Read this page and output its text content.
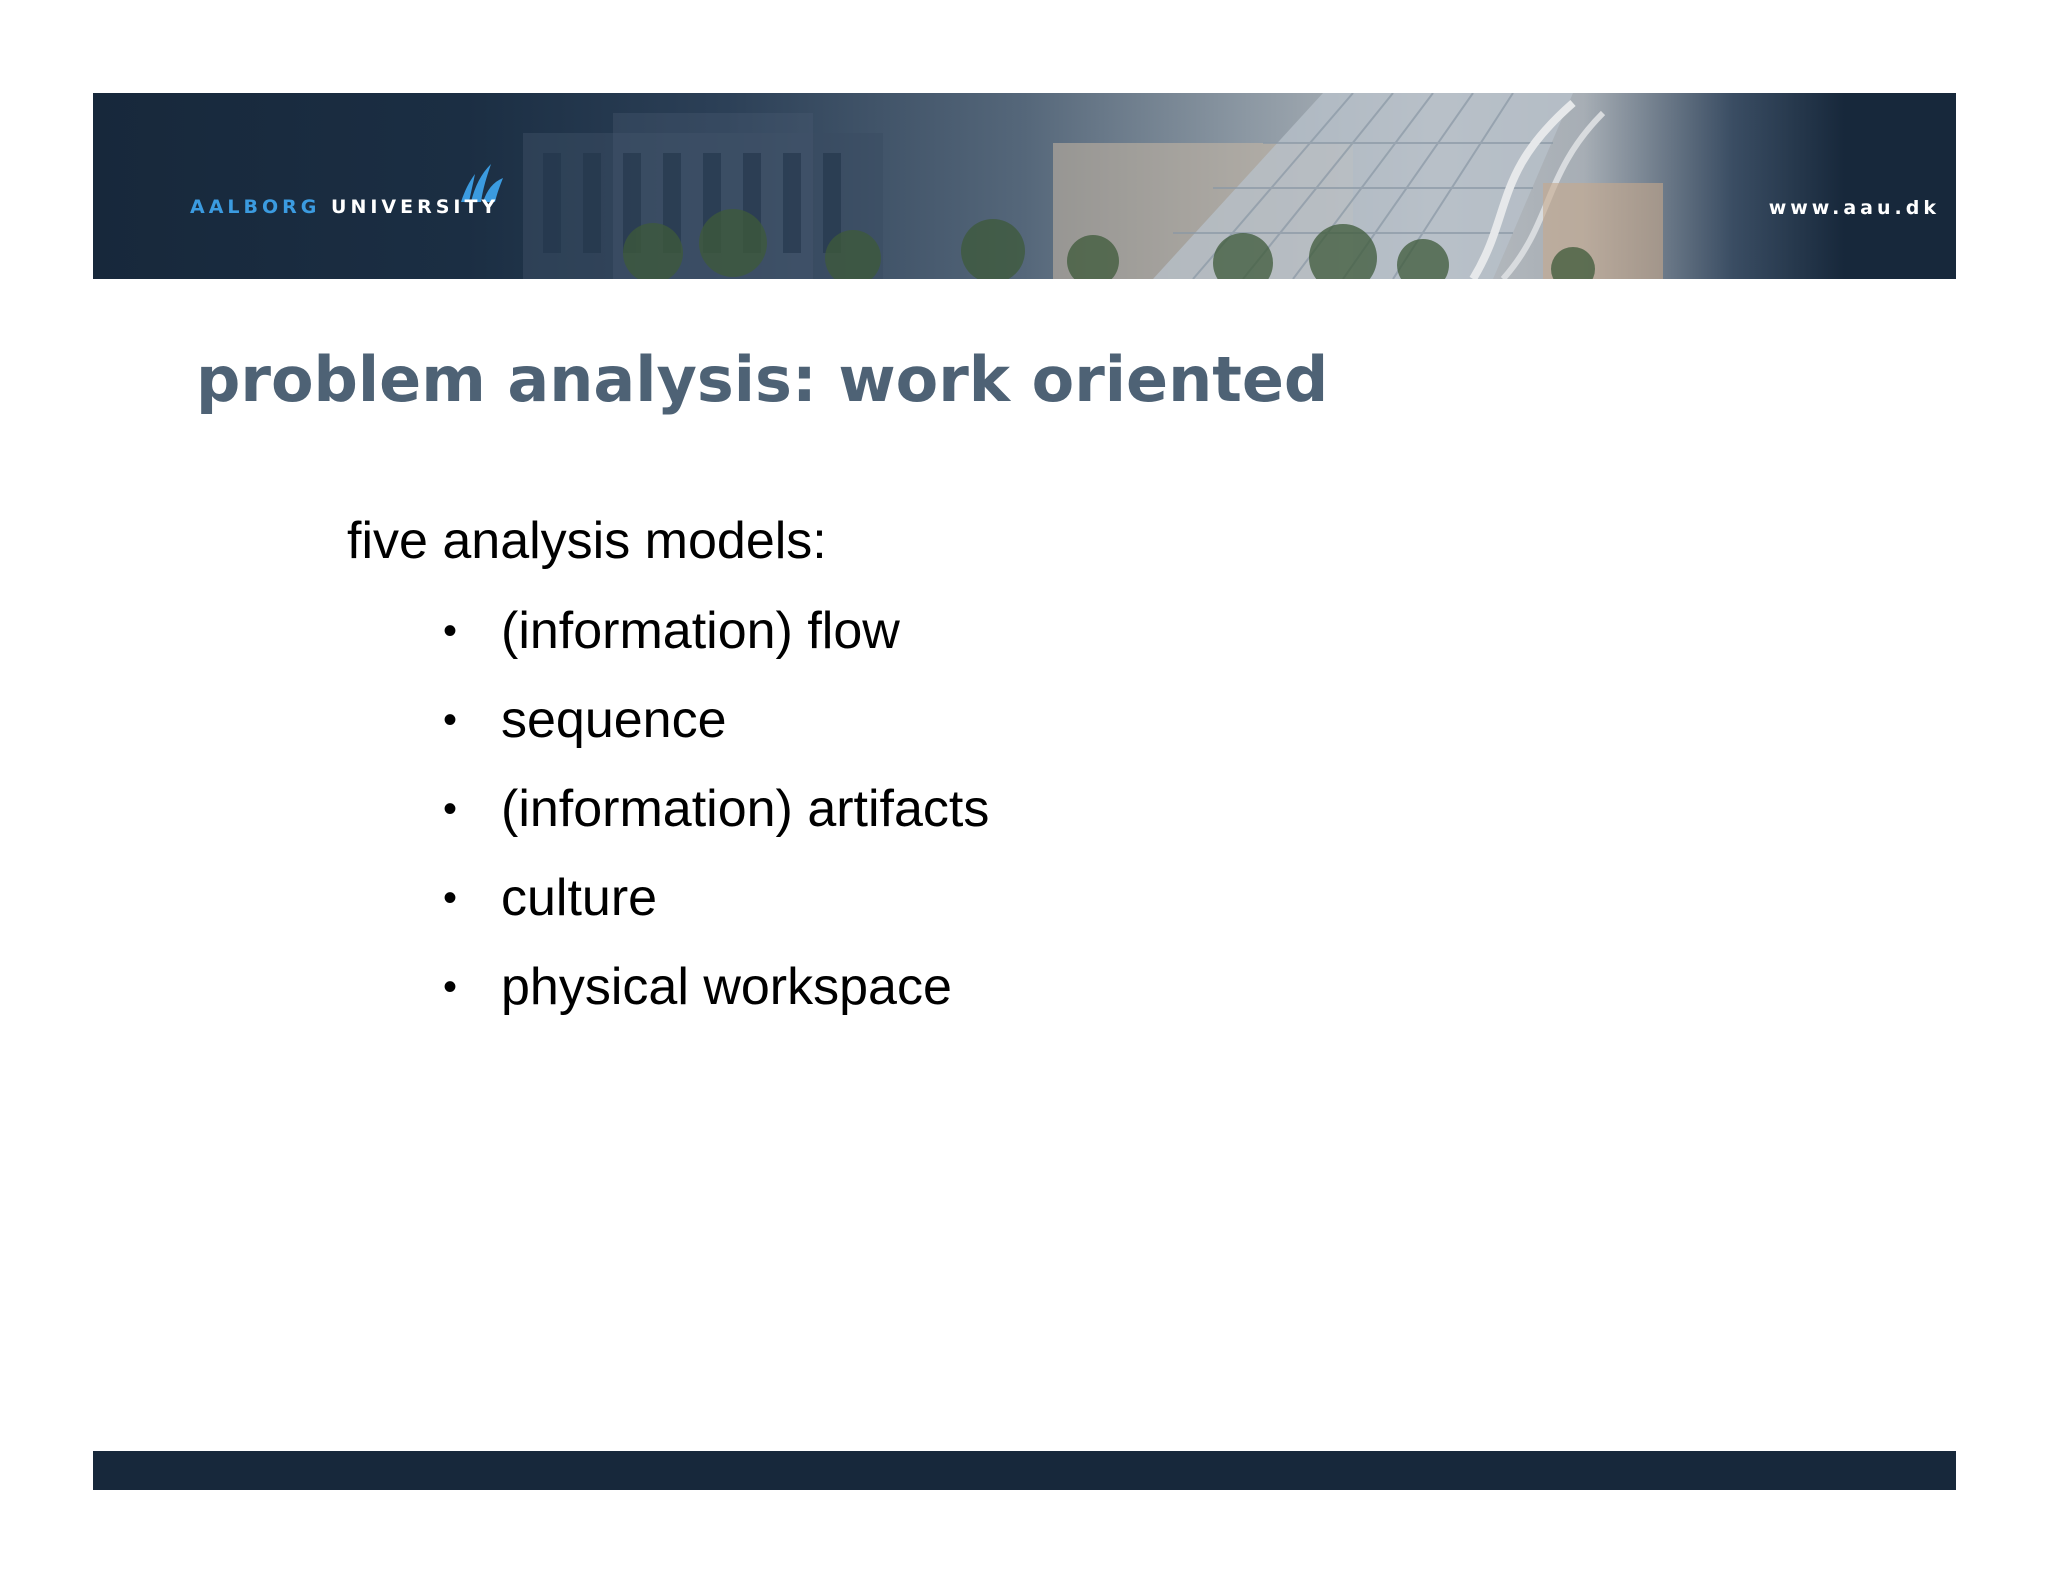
AALBORG UNIVERSITY	www.aau.dk
problem analysis: work oriented

five analysis models:

• (information) flow
• sequence
• (information) artifacts
• culture
• physical workspace
